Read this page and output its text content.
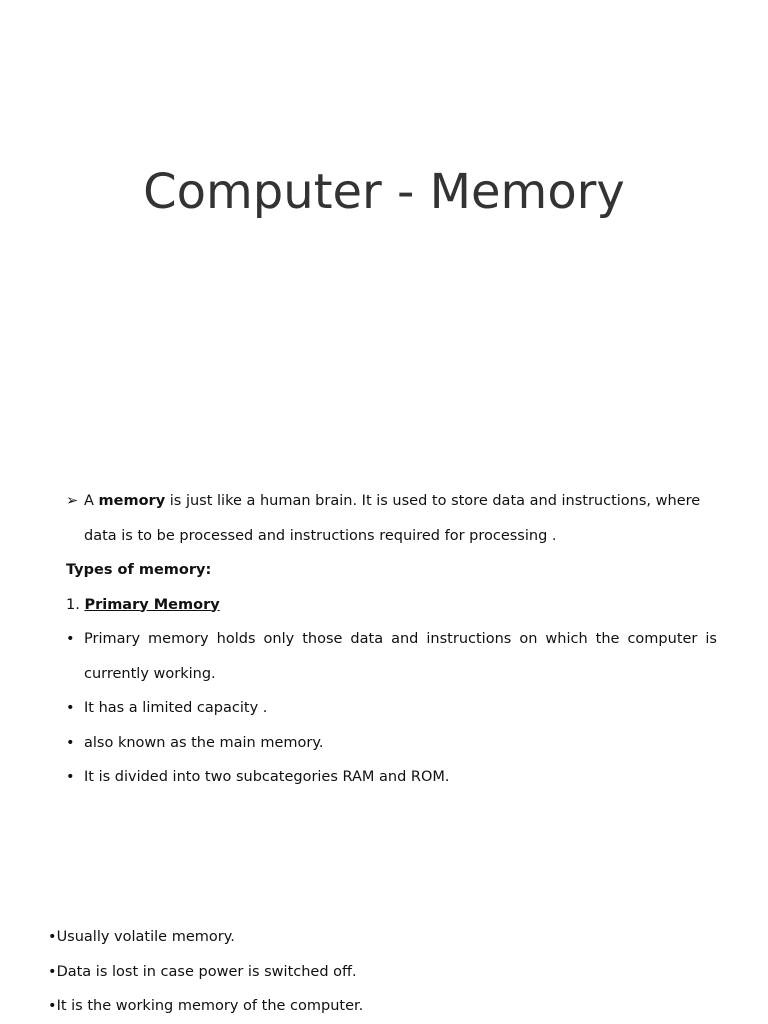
Computer - Memory
➢ A memory is just like a human brain. It is used to store data and instructions, where data is to be processed and instructions required for processing .

Types of memory:

1. Primary Memory

• Primary memory holds only those data and instructions on which the computer is currently working.
• It has a limited capacity .
• also known as the main memory.
• It is divided into two subcategories RAM and ROM.

•Usually volatile memory.

•Data is lost in case power is switched off.

•It is the working memory of the computer.
